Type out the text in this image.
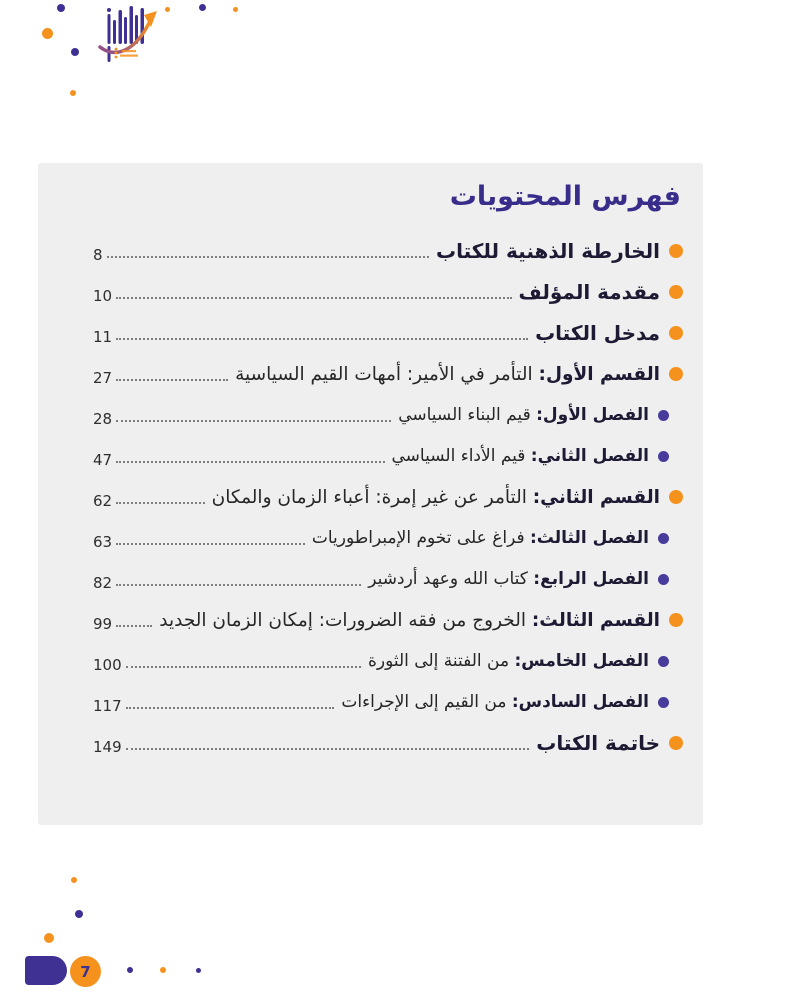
فهرس المحتويات
الخارطة الذهنية للكتاب
8
مقدمة المؤلف
10
مدخل الكتاب
11
القسم الأول: التأمر في الأمير: أمهات القيم السياسية
27
الفصل الأول: قيم البناء السياسي
28
الفصل الثاني: قيم الأداء السياسي
47
القسم الثاني: التأمر عن غير إمرة: أعباء الزمان والمكان
62
الفصل الثالث: فراغ على تخوم الإمبراطوريات
63
الفصل الرابع: كتاب الله وعهد أردشير
82
القسم الثالث: الخروج من فقه الضرورات: إمكان الزمان الجديد
99
الفصل الخامس: من الفتنة إلى الثورة
100
الفصل السادس: من القيم إلى الإجراءات
117
خاتمة الكتاب
149
7
